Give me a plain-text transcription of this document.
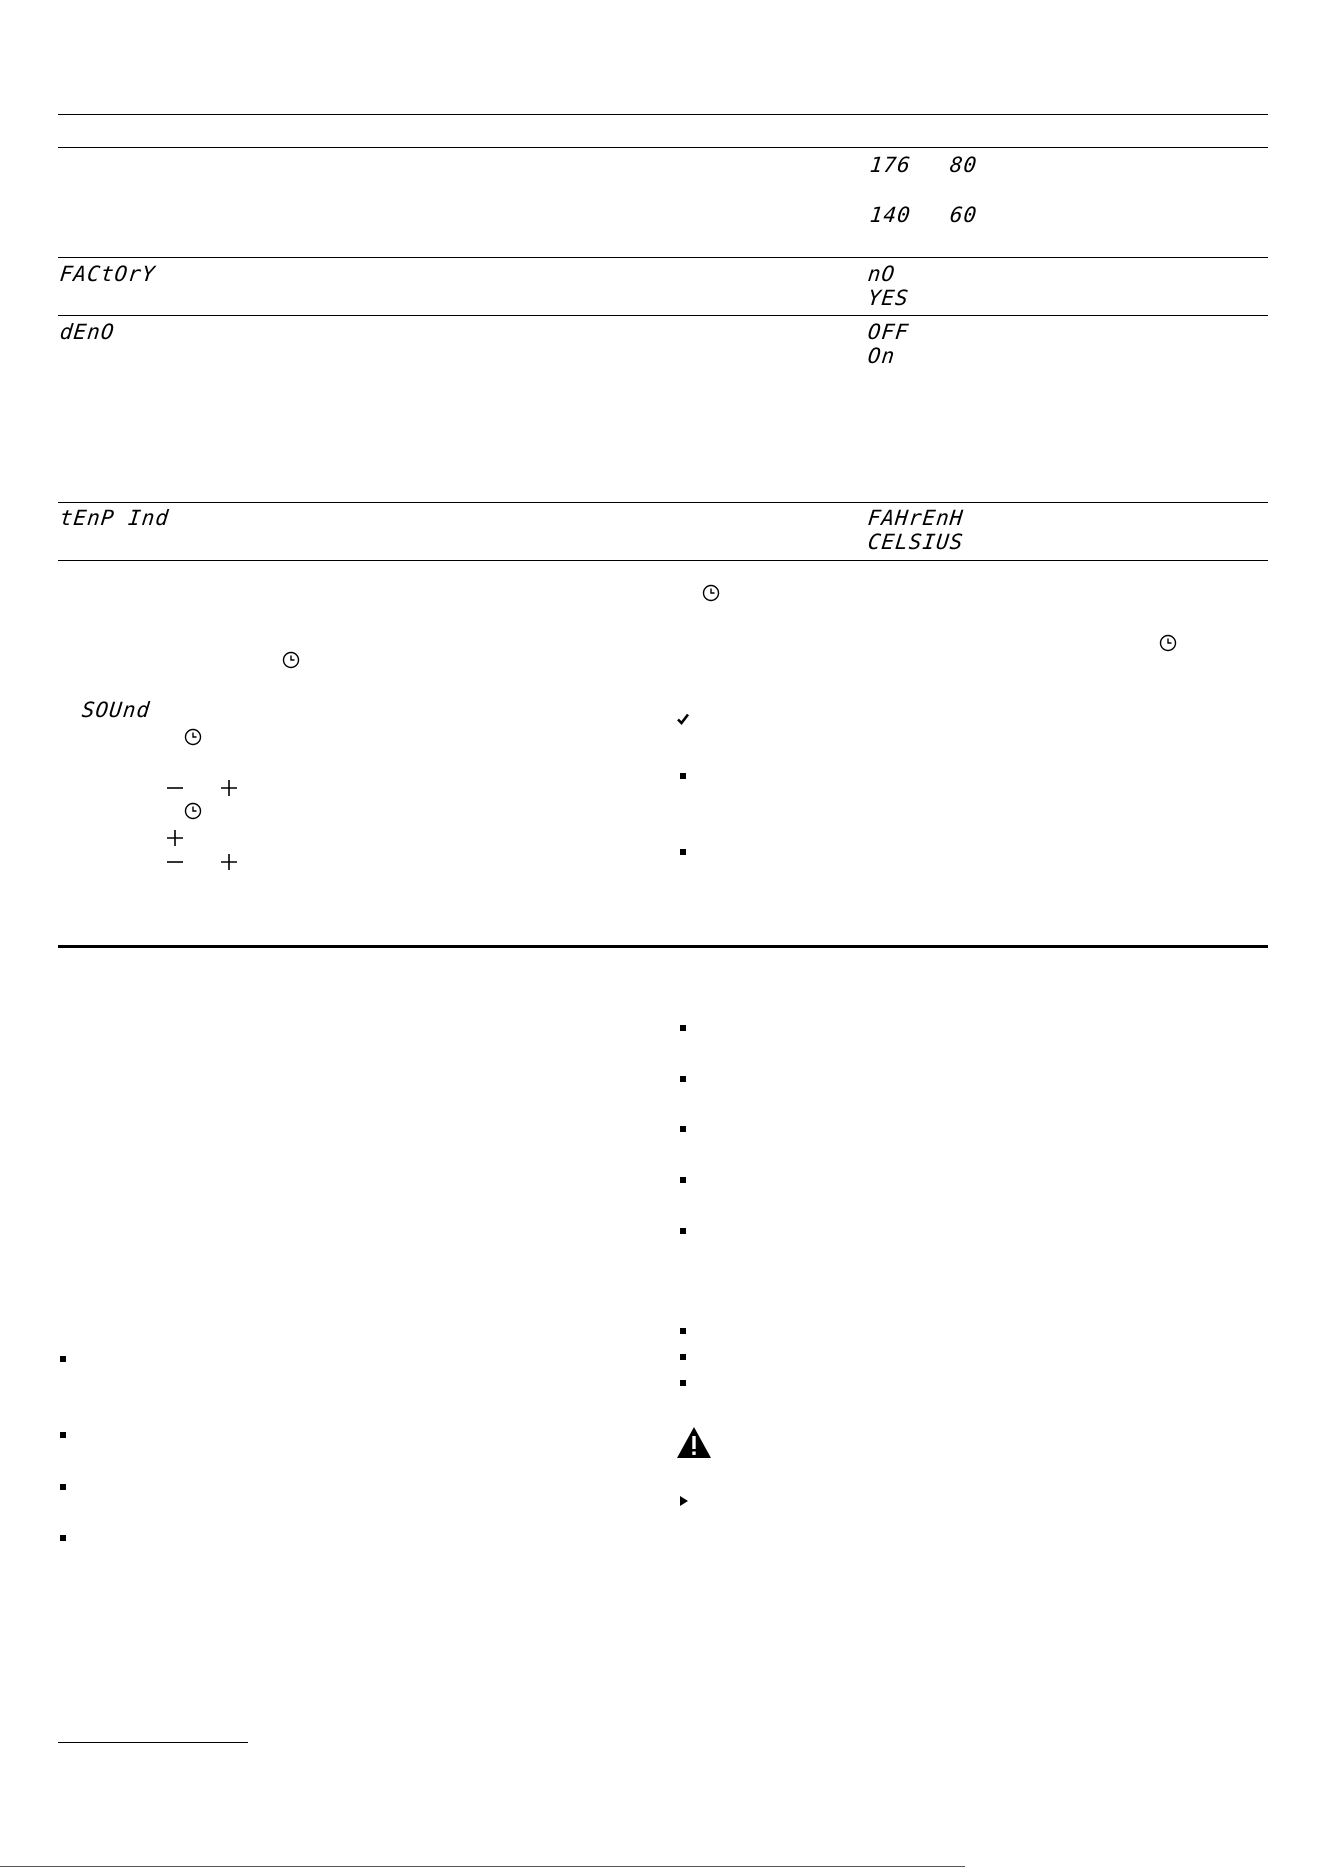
176 80
140 60
FACtOrY	nO
YES
dEnO	OFF
On
tEnP Ind	FAHrEnH
CELSIUS
SOUnd
